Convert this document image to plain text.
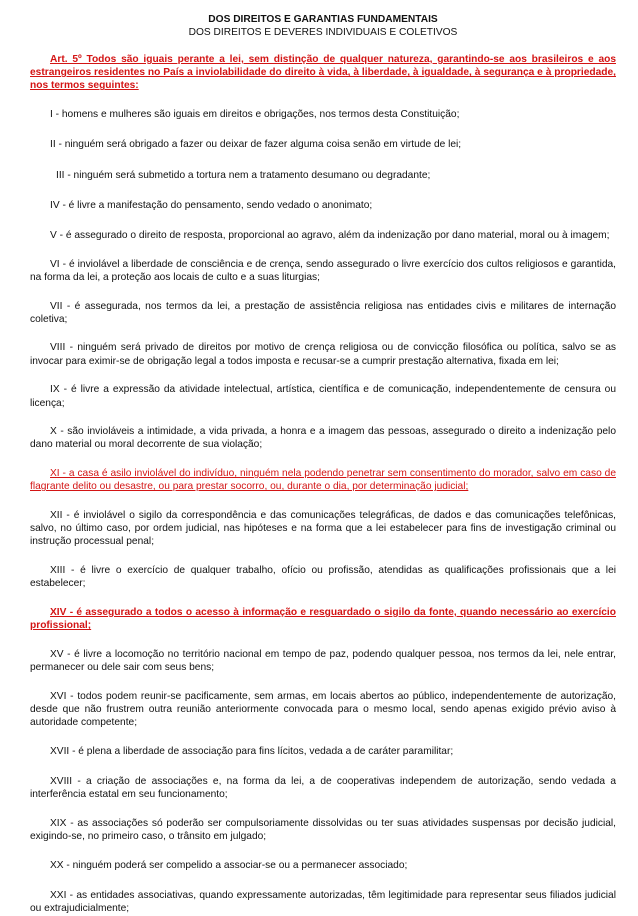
DOS DIREITOS E GARANTIAS FUNDAMENTAIS
DOS DIREITOS E DEVERES INDIVIDUAIS E COLETIVOS

Art. 5º Todos são iguais perante a lei, sem distinção de qualquer natureza, garantindo-se aos brasileiros e aos estrangeiros residentes no País a inviolabilidade do direito à vida, à liberdade, à igualdade, à segurança e à propriedade, nos termos seguintes:

I - homens e mulheres são iguais em direitos e obrigações, nos termos desta Constituição;

II - ninguém será obrigado a fazer ou deixar de fazer alguma coisa senão em virtude de lei;

III - ninguém será submetido a tortura nem a tratamento desumano ou degradante;

IV - é livre a manifestação do pensamento, sendo vedado o anonimato;

V - é assegurado o direito de resposta, proporcional ao agravo, além da indenização por dano material, moral ou à imagem;

VI - é inviolável a liberdade de consciência e de crença, sendo assegurado o livre exercício dos cultos religiosos e garantida, na forma da lei, a proteção aos locais de culto e a suas liturgias;

VII - é assegurada, nos termos da lei, a prestação de assistência religiosa nas entidades civis e militares de internação coletiva;

VIII - ninguém será privado de direitos por motivo de crença religiosa ou de convicção filosófica ou política, salvo se as invocar para eximir-se de obrigação legal a todos imposta e recusar-se a cumprir prestação alternativa, fixada em lei;

IX - é livre a expressão da atividade intelectual, artística, científica e de comunicação, independentemente de censura ou licença;

X - são invioláveis a intimidade, a vida privada, a honra e a imagem das pessoas, assegurado o direito a indenização pelo dano material ou moral decorrente de sua violação;

XI - a casa é asilo inviolável do indivíduo, ninguém nela podendo penetrar sem consentimento do morador, salvo em caso de flagrante delito ou desastre, ou para prestar socorro, ou, durante o dia, por determinação judicial;

XII - é inviolável o sigilo da correspondência e das comunicações telegráficas, de dados e das comunicações telefônicas, salvo, no último caso, por ordem judicial, nas hipóteses e na forma que a lei estabelecer para fins de investigação criminal ou instrução processual penal;

XIII - é livre o exercício de qualquer trabalho, ofício ou profissão, atendidas as qualificações profissionais que a lei estabelecer;

XIV - é assegurado a todos o acesso à informação e resguardado o sigilo da fonte, quando necessário ao exercício profissional;

XV - é livre a locomoção no território nacional em tempo de paz, podendo qualquer pessoa, nos termos da lei, nele entrar, permanecer ou dele sair com seus bens;

XVI - todos podem reunir-se pacificamente, sem armas, em locais abertos ao público, independentemente de autorização, desde que não frustrem outra reunião anteriormente convocada para o mesmo local, sendo apenas exigido prévio aviso à autoridade competente;

XVII - é plena a liberdade de associação para fins lícitos, vedada a de caráter paramilitar;

XVIII - a criação de associações e, na forma da lei, a de cooperativas independem de autorização, sendo vedada a interferência estatal em seu funcionamento;

XIX - as associações só poderão ser compulsoriamente dissolvidas ou ter suas atividades suspensas por decisão judicial, exigindo-se, no primeiro caso, o trânsito em julgado;

XX - ninguém poderá ser compelido a associar-se ou a permanecer associado;

XXI - as entidades associativas, quando expressamente autorizadas, têm legitimidade para representar seus filiados judicial ou extrajudicialmente;
